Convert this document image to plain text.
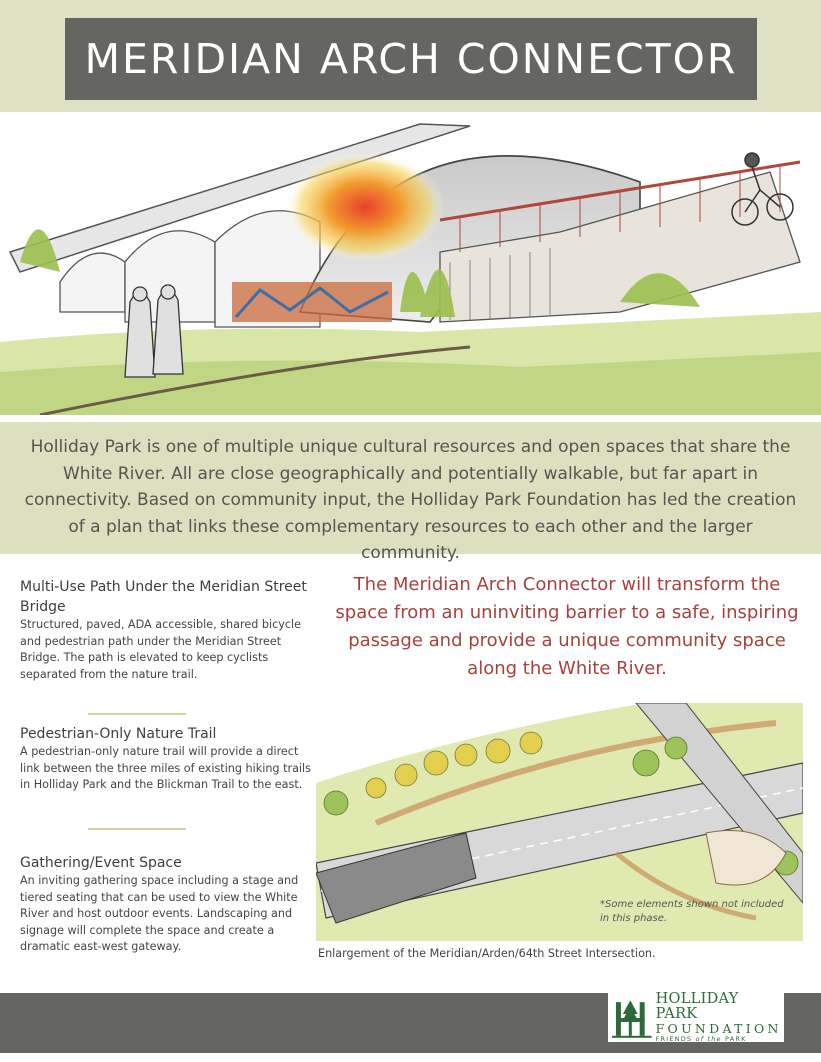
MERIDIAN ARCH CONNECTOR
Holliday Park is one of multiple unique cultural resources and open spaces that share the White River. All are close geographically and potentially walkable, but far apart in connectivity. Based on community input, the Holliday Park Foundation has led the creation of a plan that links these complementary resources to each other and the larger community.
Multi-Use Path Under the Meridian Street Bridge

Structured, paved, ADA accessible, shared bicycle and pedestrian path under the Meridian Street Bridge. The path is elevated to keep cyclists separated from the nature trail.

Pedestrian-Only Nature Trail

A pedestrian-only nature trail will provide a direct link between the three miles of existing hiking trails in Holliday Park and the Blickman Trail to the east.

Gathering/Event Space

An inviting gathering space including a stage and tiered seating that can be used to view the White River and host outdoor events. Landscaping and signage will complete the space and create a dramatic east-west gateway.

The Meridian Arch Connector will transform the space from an uninviting barrier to a safe, inspiring passage and provide a unique community space along the White River.
*Some elements shown not included in this phase.
Enlargement of the Meridian/Arden/64th Street Intersection.
HOLLIDAY PARK
FOUNDATION
FRIENDS of the PARK
